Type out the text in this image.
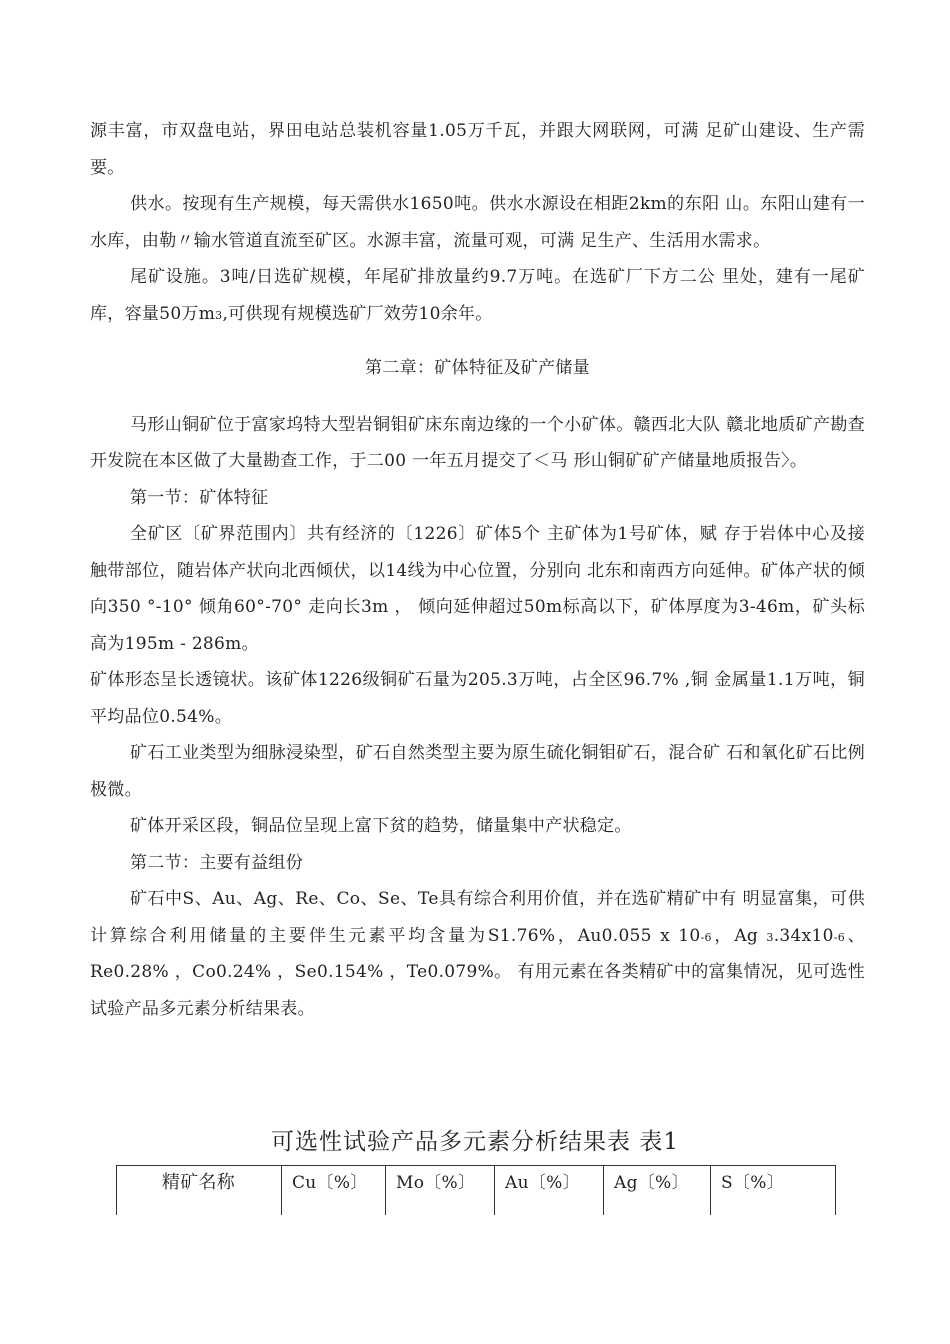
源丰富，市双盘电站，界田电站总装机容量1.05万千瓦，并跟大网联网，可满 足矿山建设、生产需要。

供水。按现有生产规模，每天需供水1650吨。供水水源设在相距2km的东阳 山。东阳山建有一水库，由勒〃输水管道直流至矿区。水源丰富，流量可观，可满 足生产、生活用水需求。

尾矿设施。3吨/日选矿规模，年尾矿排放量约9.7万吨。在选矿厂下方二公 里处，建有一尾矿库，容量50万m3,可供现有规模选矿厂效劳10余年。

第二章：矿体特征及矿产储量

马形山铜矿位于富家坞特大型岩铜钼矿床东南边缘的一个小矿体。赣西北大队 赣北地质矿产勘查开发院在本区做了大量勘查工作，于二00 一年五月提交了＜马 形山铜矿矿产储量地质报告〉。

第一节：矿体特征

全矿区〔矿界范围内〕共有经济的〔1226〕矿体5个 主矿体为1号矿体，赋 存于岩体中心及接触带部位，随岩体产状向北西倾伏，以14线为中心位置，分别向 北东和南西方向延伸。矿体产状的倾向350 °-10° 倾角60°-70° 走向长3m ， 倾向延伸超过50m标高以下，矿体厚度为3-46m，矿头标高为195m - 286m。

矿体形态呈长透镜状。该矿体1226级铜矿石量为205.3万吨，占全区96.7% ,铜 金属量1.1万吨，铜平均品位0.54%。

矿石工业类型为细脉浸染型，矿石自然类型主要为原生硫化铜钼矿石，混合矿 石和氧化矿石比例极微。

矿体开采区段，铜品位呈现上富下贫的趋势，储量集中产状稳定。

第二节：主要有益组份

矿石中S、Au、Ag、Re、Co、Se、Te具有综合利用价值，并在选矿精矿中有 明显富集，可供计算综合利用储量的主要伴生元素平均含量为S1.76%，Au0.055 x 10-6，Ag 3.34x10-6、Re0.28% ，Co0.24% ，Se0.154% ，Te0.079%。 有用元素在各类精矿中的富集情况，见可选性试验产品多元素分析结果表。

可选性试验产品多元素分析结果表 表1
精矿名称	Cu〔%〕	Mo〔%〕	Au〔%〕	Ag〔%〕	S〔%〕
